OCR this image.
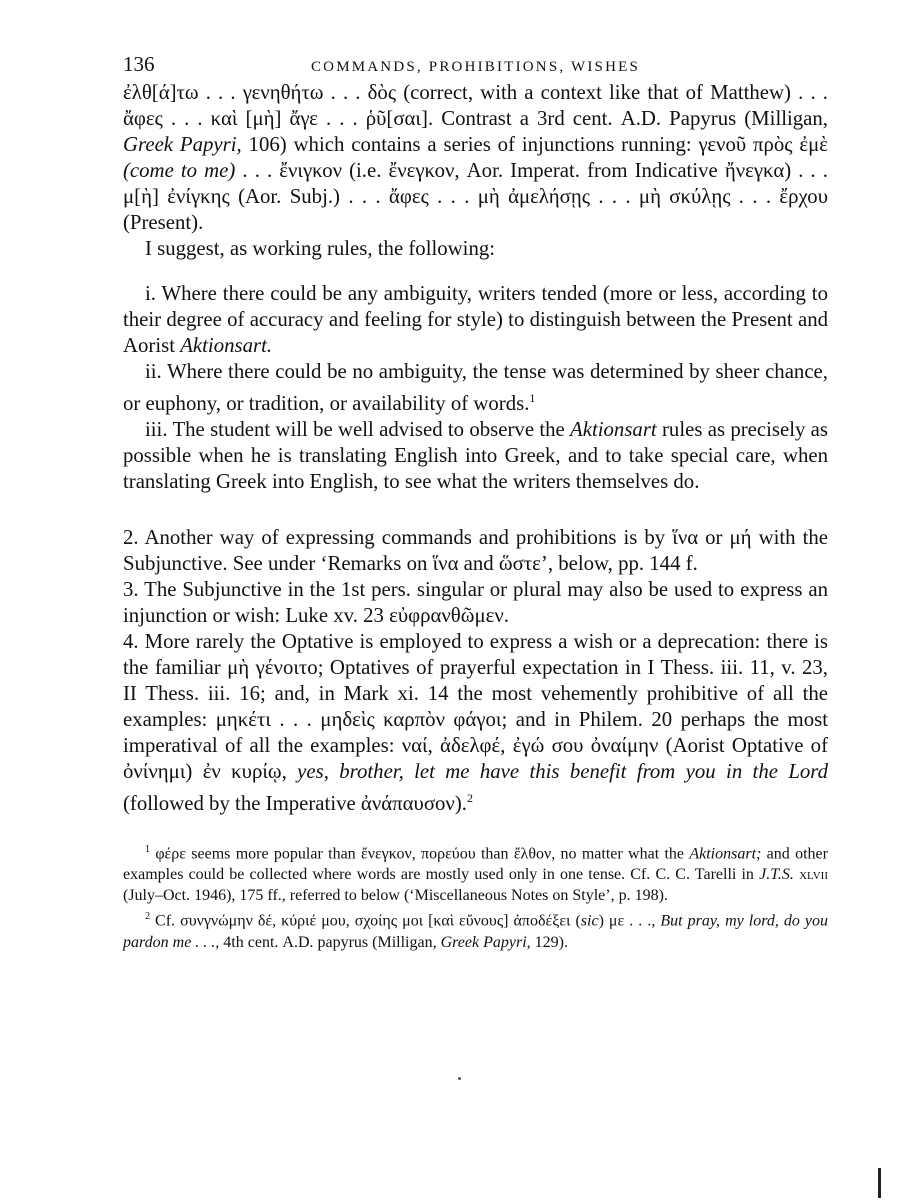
136	COMMANDS, PROHIBITIONS, WISHES

ἐλθ[ά]τω . . . γενηθήτω . . . δὸς (correct, with a context like that of Matthew) . . . ἄφες . . . καὶ [μὴ] ἄγε . . . ῥῦ[σαι]. Contrast a 3rd cent. A.D. Papyrus (Milligan, Greek Papyri, 106) which contains a series of injunctions running: γενοῦ πρὸς ἐμὲ (come to me) . . . ἔνιγκον (i.e. ἔνεγκον, Aor. Imperat. from Indicative ἤνεγκα) . . . μ[ὴ] ἐνίγκης (Aor. Subj.) . . . ἄφες . . . μὴ ἀμελήσῃς . . . μὴ σκύλῃς . . . ἔρχου (Present).

I suggest, as working rules, the following:

i. Where there could be any ambiguity, writers tended (more or less, according to their degree of accuracy and feeling for style) to distinguish between the Present and Aorist Aktionsart.

ii. Where there could be no ambiguity, the tense was determined by sheer chance, or euphony, or tradition, or availability of words.$^1$

iii. The student will be well advised to observe the Aktionsart rules as precisely as possible when he is translating English into Greek, and to take special care, when translating Greek into English, to see what the writers themselves do.

2. Another way of expressing commands and prohibitions is by ἵνα or μή with the Subjunctive. See under ‘Remarks on ἵνα and ὥστε’, below, pp. 144 f.

3. The Subjunctive in the 1st pers. singular or plural may also be used to express an injunction or wish: Luke xv. 23 εὐφρανθῶμεν.

4. More rarely the Optative is employed to express a wish or a deprecation: there is the familiar μὴ γένοιτο; Optatives of prayerful expectation in I Thess. iii. 11, v. 23, II Thess. iii. 16; and, in Mark xi. 14 the most vehemently prohibitive of all the examples: μηκέτι . . . μηδεὶς καρπὸν φάγοι; and in Philem. 20 perhaps the most imperatival of all the examples: ναί, ἀδελφέ, ἐγώ σου ὀναίμην (Aorist Optative of ὀνίνημι) ἐν κυρίῳ, yes, brother, let me have this benefit from you in the Lord (followed by the Imperative ἀνάπαυσον).$^2$

$^1$ φέρε seems more popular than ἔνεγκον, πορεύου than ἔλθον, no matter what the Aktionsart; and other examples could be collected where words are mostly used only in one tense. Cf. C. C. Tarelli in J.T.S. xlvii (July–Oct. 1946), 175 ff., referred to below (‘Miscellaneous Notes on Style’, p. 198).

$^2$ Cf. συνγνώμην δέ, κύριέ μου, σχοίης μοι [καὶ εὔνους] ἀποδέξει (sic) με . . ., But pray, my lord, do you pardon me . . ., 4th cent. A.D. papyrus (Milligan, Greek Papyri, 129).
